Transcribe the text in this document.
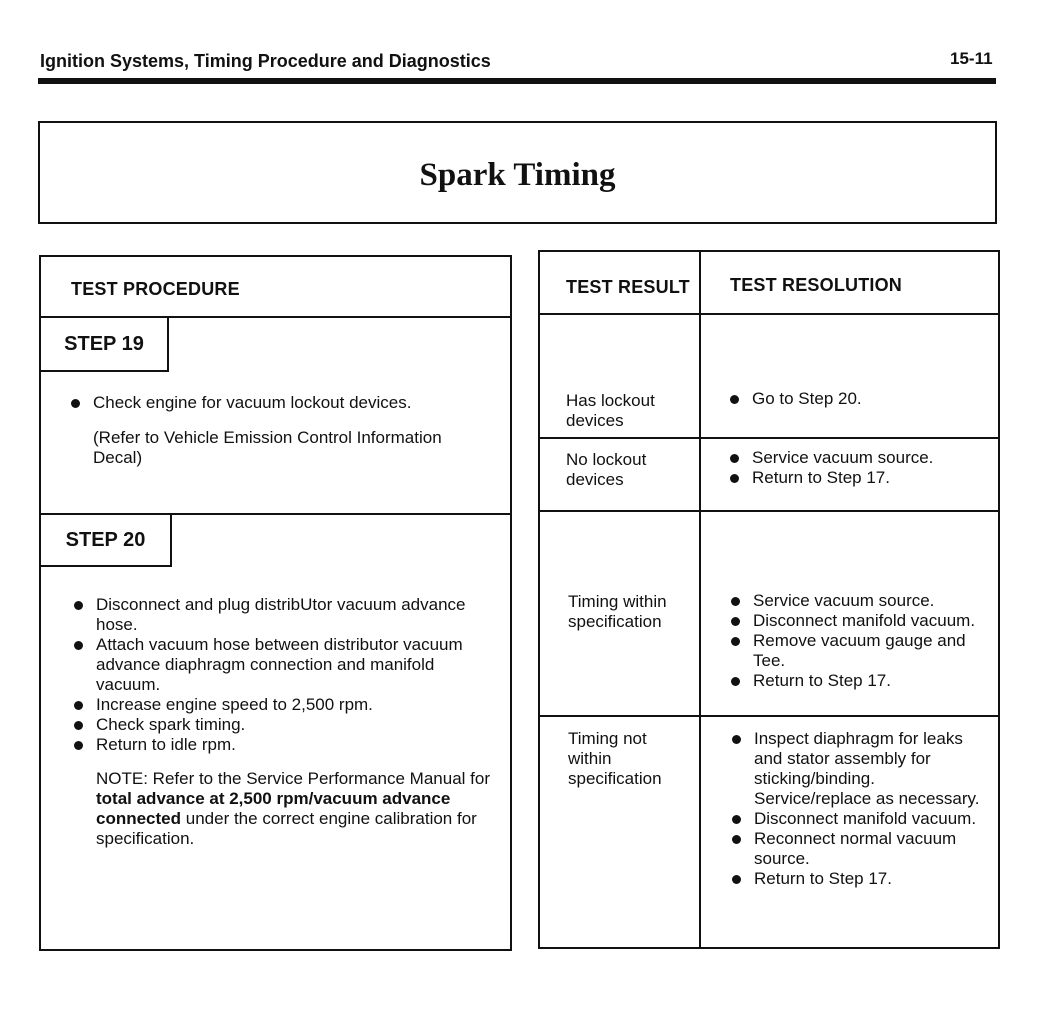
Ignition Systems, Timing Procedure and Diagnostics	15-11
Spark Timing
TEST PROCEDURE
STEP 19
Check engine for vacuum lockout devices.
(Refer to Vehicle Emission Control Information Decal)
STEP 20
Disconnect and plug distribUtor vacuum advance hose.
Attach vacuum hose between distributor vacuum advance diaphragm connection and manifold vacuum.
Increase engine speed to 2,500 rpm.
Check spark timing.
Return to idle rpm.
NOTE: Refer to the Service Performance Manual for total advance at 2,500 rpm/vacuum advance connected under the correct engine calibration for specification.
TEST RESULT TEST RESOLUTION
Has lockout devices
Go to Step 20.
No lockout devices
Service vacuum source.
Return to Step 17.
Timing within specification
Service vacuum source.
Disconnect manifold vacuum.
Remove vacuum gauge and Tee.
Return to Step 17.
Timing not within specification
Inspect diaphragm for leaks and stator assembly for sticking/binding. Service/replace as necessary.
Disconnect manifold vacuum.
Reconnect normal vacuum source.
Return to Step 17.
